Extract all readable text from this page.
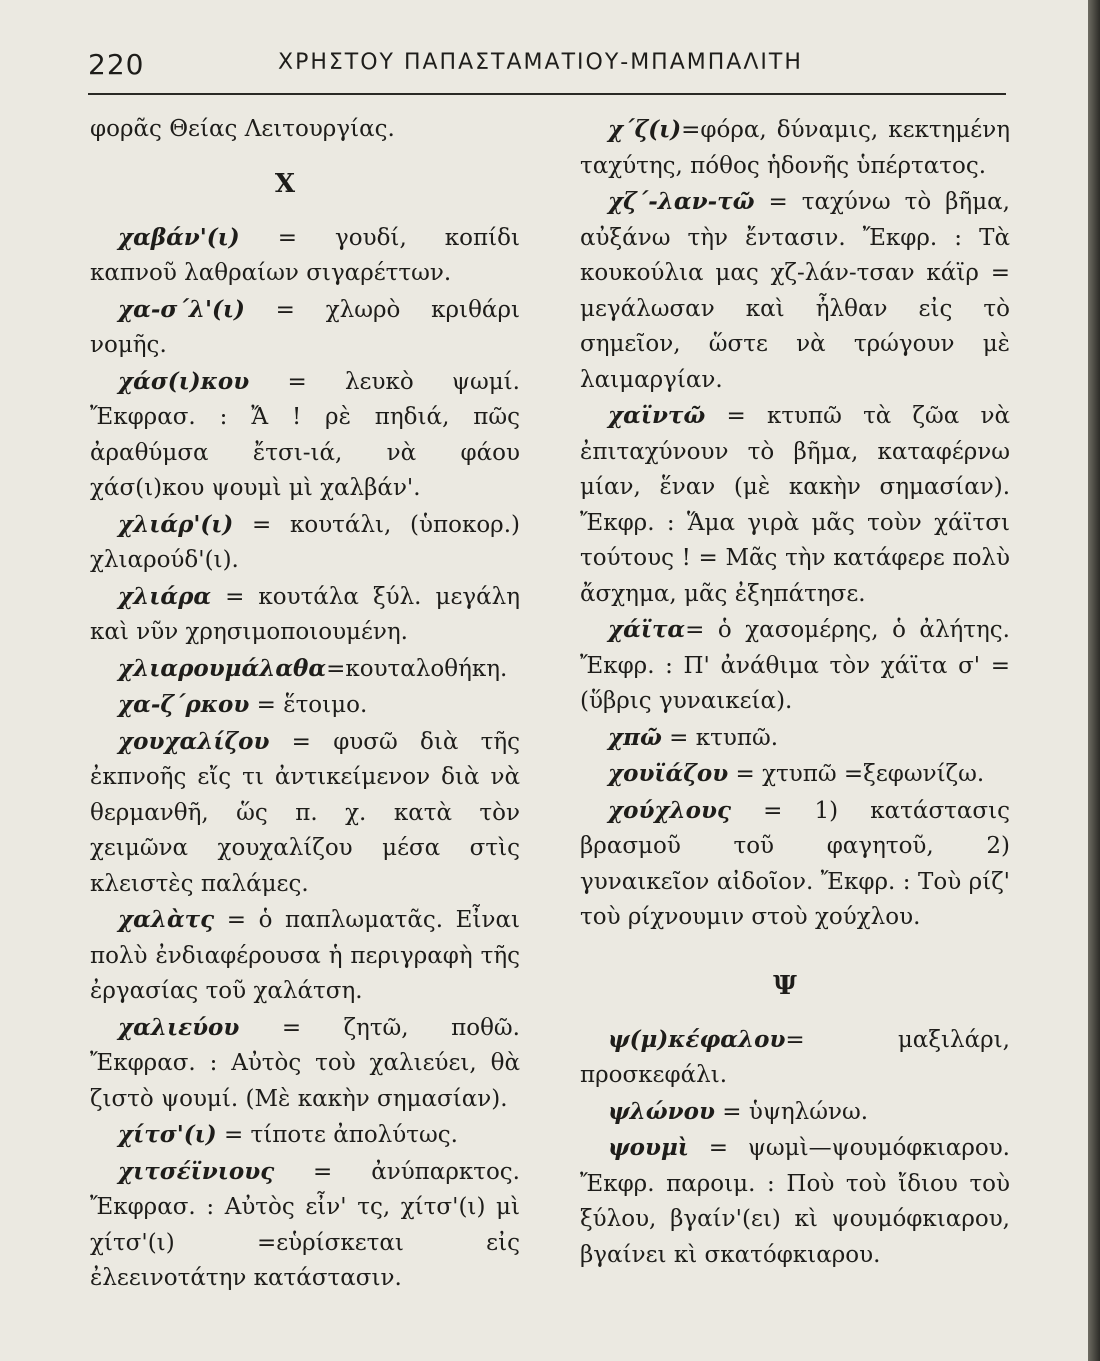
220	ΧΡΗΣΤΟΥ ΠΑΠΑΣΤΑΜΑΤΙΟΥ-ΜΠΑΜΠΑΛΙΤΗ

φορᾶς Θείας Λειτουργίας.

Χ

χαβάν'(ι) = γουδί, κοπίδι καπνοῦ λαθραίων σιγαρέττων.

χα-σ΄λ'(ι) = χλωρὸ κριθάρι νομῆς.

χάσ(ι)κου = λευκὸ ψωμί. Ἔκφρασ. : Ἄ ! ρὲ πηδιά, πῶς ἀραθύμσα ἔτσι-ιά, νὰ φάου χάσ(ι)κου ψουμὶ μὶ χαλβάν'.

χλιάρ'(ι) = κουτάλι, (ὑποκορ.) χλιαρούδ'(ι).

χλιάρα = κουτάλα ξύλ. μεγάλη καὶ νῦν χρησιμοποιουμένη.

χλιαρουμάλαθα=κουταλοθήκη.

χα-ζ΄ρκου = ἕτοιμο.

χουχαλίζου = φυσῶ διὰ τῆς ἐκπνοῆς εἴς τι ἀντικείμενον διὰ νὰ θερμανθῆ, ὥς π. χ. κατὰ τὸν χειμῶνα χουχαλίζου μέσα στὶς κλειστὲς παλάμες.

χαλὰτς = ὁ παπλωματᾶς. Εἶναι πολὺ ἐνδιαφέρουσα ἡ περιγραφὴ τῆς ἐργασίας τοῦ χαλάτση.

χαλιεύου = ζητῶ, ποθῶ. Ἔκφρασ. : Αὐτὸς τοὺ χαλιεύει, θὰ ζιστὸ ψουμί. (Μὲ κακὴν σημασίαν).

χίτσ'(ι) = τίποτε ἀπολύτως.

χιτσέϊνιους = ἀνύπαρκτος. Ἔκφρασ. : Αὐτὸς εἶν' τς, χίτσ'(ι) μὶ χίτσ'(ι) =εὑρίσκεται εἰς ἐλεεινοτάτην κατάστασιν.

χ΄ζ(ι)=φόρα, δύναμις, κεκτημένη ταχύτης, πόθος ἡδονῆς ὑπέρτατος.

χζ΄-λαν-τῶ = ταχύνω τὸ βῆμα, αὐξάνω τὴν ἔντασιν. Ἔκφρ. : Τὰ κουκούλια μας χζ-λάν-τσαν κάϊρ = μεγάλωσαν καὶ ἦλθαν εἰς τὸ σημεῖον, ὥστε νὰ τρώγουν μὲ λαιμαργίαν.

χαϊντῶ = κτυπῶ τὰ ζῶα νὰ ἐπιταχύνουν τὸ βῆμα, καταφέρνω μίαν, ἕναν (μὲ κακὴν σημασίαν). Ἔκφρ. : Ἅμα γιρὰ μᾶς τοὺν χάϊτσι τούτους ! = Μᾶς τὴν κατάφερε πολὺ ἄσχημα, μᾶς ἐξηπάτησε.

χάϊτα= ὁ χασομέρης, ὁ ἀλήτης. Ἔκφρ. : Π' ἀνάθιμα τὸν χάϊτα σ' = (ὕβρις γυναικεία).

χπῶ = κτυπῶ.

χουϊάζου = χτυπῶ =ξεφωνίζω.

χούχλους = 1) κατάστασις βρασμοῦ τοῦ φαγητοῦ, 2) γυναικεῖον αἰδοῖον. Ἔκφρ. : Τοὺ ρίζ' τοὺ ρίχνουμιν στοὺ χούχλου.

Ψ

ψ(μ)κέφαλου= μαξιλάρι, προσκεφάλι.

ψλώνου = ὑψηλώνω.

ψουμὶ = ψωμὶ—ψουμόφκιαρου. Ἔκφρ. παροιμ. : Ποὺ τοὺ ἴδιου τοὺ ξύλου, βγαίν'(ει) κὶ ψουμόφκιαρου, βγαίνει κὶ σκατόφκιαρου.
